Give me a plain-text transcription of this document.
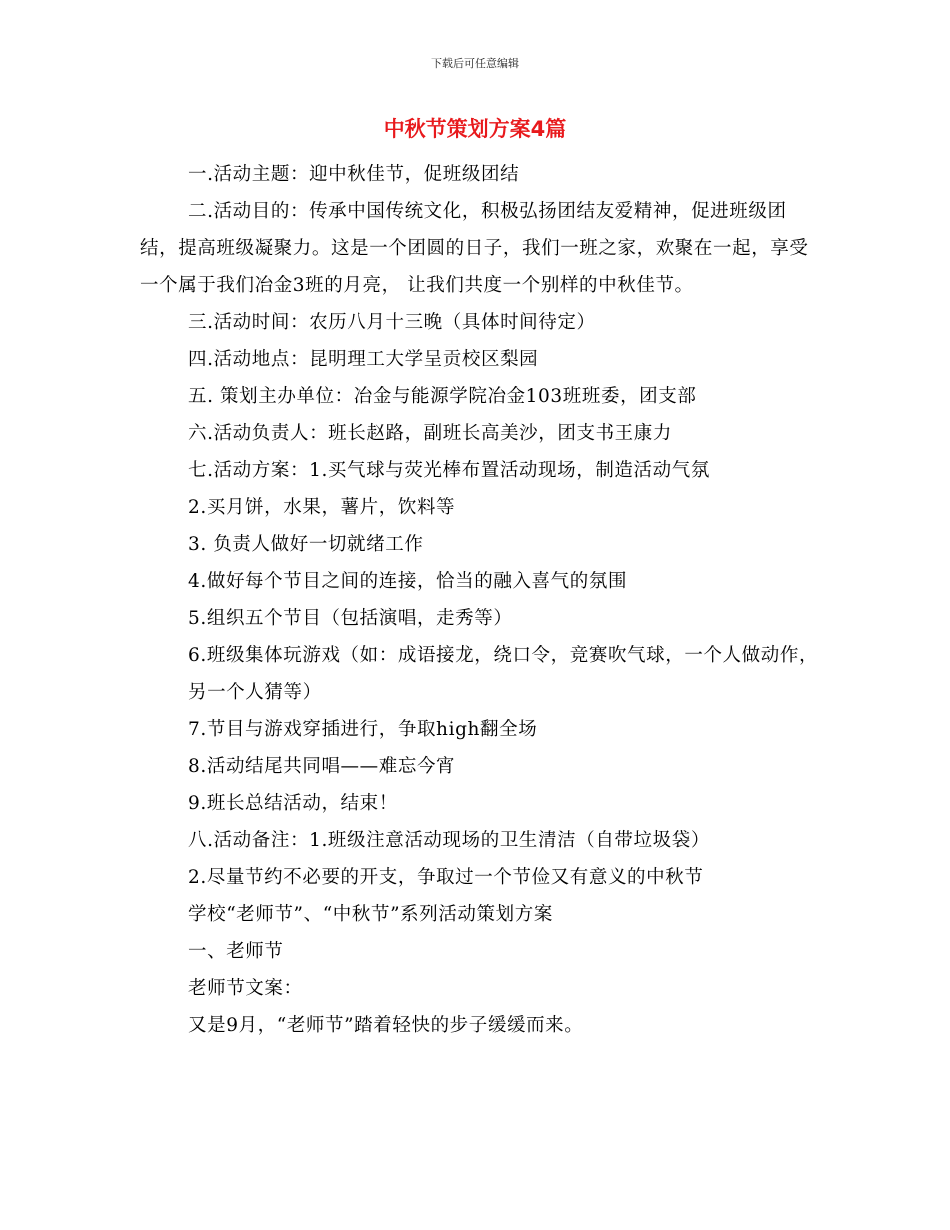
下载后可任意编辑
中秋节策划方案4篇

一.活动主题：迎中秋佳节，促班级团结

二.活动目的：传承中国传统文化，积极弘扬团结友爱精神，促进班级团结，提高班级凝聚力。这是一个团圆的日子，我们一班之家，欢聚在一起，享受一个属于我们冶金3班的月亮， 让我们共度一个别样的中秋佳节。

三.活动时间：农历八月十三晚（具体时间待定）

四.活动地点：昆明理工大学呈贡校区梨园

五. 策划主办单位：冶金与能源学院冶金103班班委，团支部

六.活动负责人：班长赵路，副班长高美沙，团支书王康力

七.活动方案：1.买气球与荧光棒布置活动现场，制造活动气氛

2.买月饼，水果，薯片，饮料等

3. 负责人做好一切就绪工作

4.做好每个节目之间的连接，恰当的融入喜气的氛围

5.组织五个节目（包括演唱，走秀等）

6.班级集体玩游戏（如：成语接龙，绕口令，竞赛吹气球，一个人做动作，

另一个人猜等）

7.节目与游戏穿插进行，争取high翻全场

8.活动结尾共同唱——难忘今宵

9.班长总结活动，结束！

八.活动备注：1.班级注意活动现场的卫生清洁（自带垃圾袋）

2.尽量节约不必要的开支，争取过一个节俭又有意义的中秋节

学校“老师节”、“中秋节”系列活动策划方案

一、老师节

老师节文案：

又是9月，“老师节”踏着轻快的步子缓缓而来。
